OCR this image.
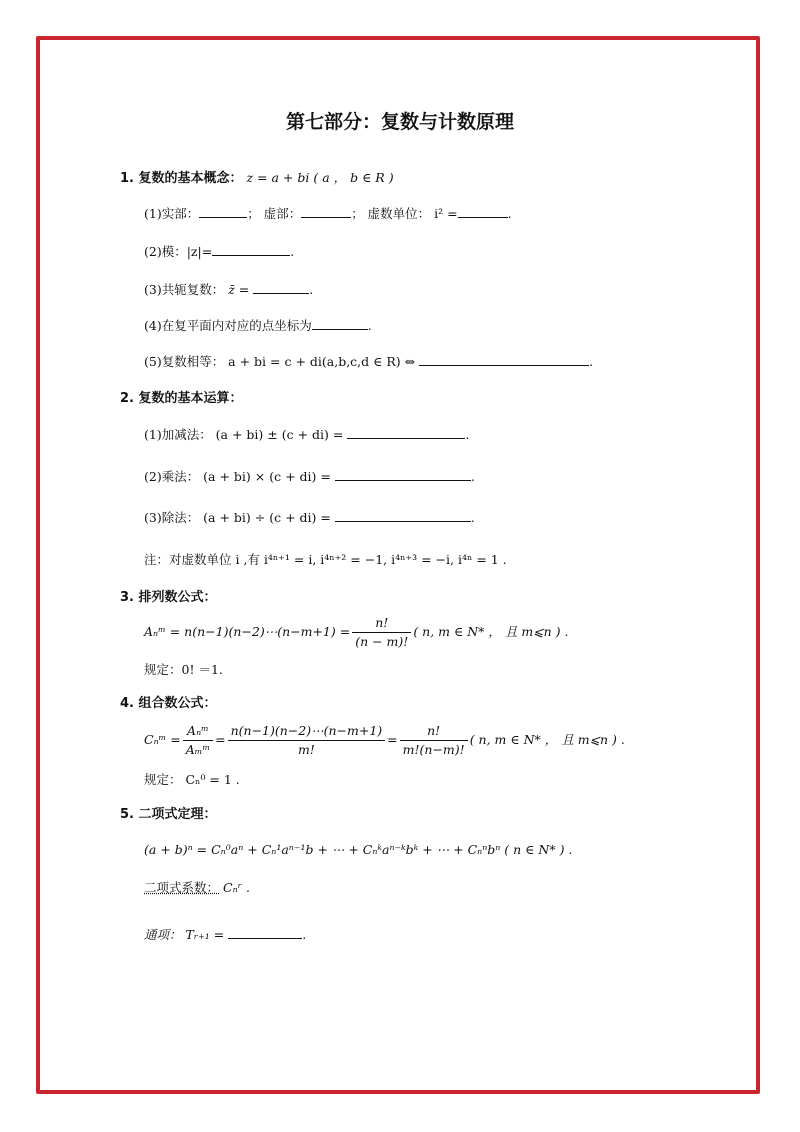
第七部分：复数与计数原理
1. 复数的基本概念： z = a + bi ( a ， b ∈ R )
(1)实部：	； 虚部：	； 虚数单位： i² =	.
(2)模：|z|=	.
(3)共轭复数： z̄ =	.
(4)在复平面内对应的点坐标为	.
(5)复数相等： a + bi = c + di(a,b,c,d ∈ R) ⇔	.
2. 复数的基本运算：
(1)加减法： (a + bi) ± (c + di) =	.
(2)乘法： (a + bi) × (c + di) =	.
(3)除法： (a + bi) ÷ (c + di) =	.
注：对虚数单位 i ,有 i⁴ⁿ⁺¹ = i, i⁴ⁿ⁺² = −1, i⁴ⁿ⁺³ = −i, i⁴ⁿ = 1 .
3. 排列数公式：
Aₙᵐ = n(n−1)(n−2)⋯(n−m+1) = $\frac{n!}{(n - m)!}$ ( n, m ∈ N* ， 且 m⩽n ) .
规定：0! ＝1.
4. 组合数公式：
Cₙᵐ = $\frac{\text{Aₙᵐ}}{\text{Aₘᵐ}} = \frac{n(n-1)(n-2)\cdots(n-m+1)}{m!} = \frac{n!}{m!(n-m)!}$ ( n, m ∈ N* ， 且 m⩽n ) .
规定： Cₙ⁰ = 1 .
5. 二项式定理：
(a + b)ⁿ = Cₙ⁰aⁿ + Cₙ¹aⁿ⁻¹b + ⋯ + Cₙᵏaⁿ⁻ᵏbᵏ + ⋯ + Cₙⁿbⁿ ( n ∈ N* ) .
二项式系数： Cₙʳ .
通项： Tᵣ₊₁ =	.
